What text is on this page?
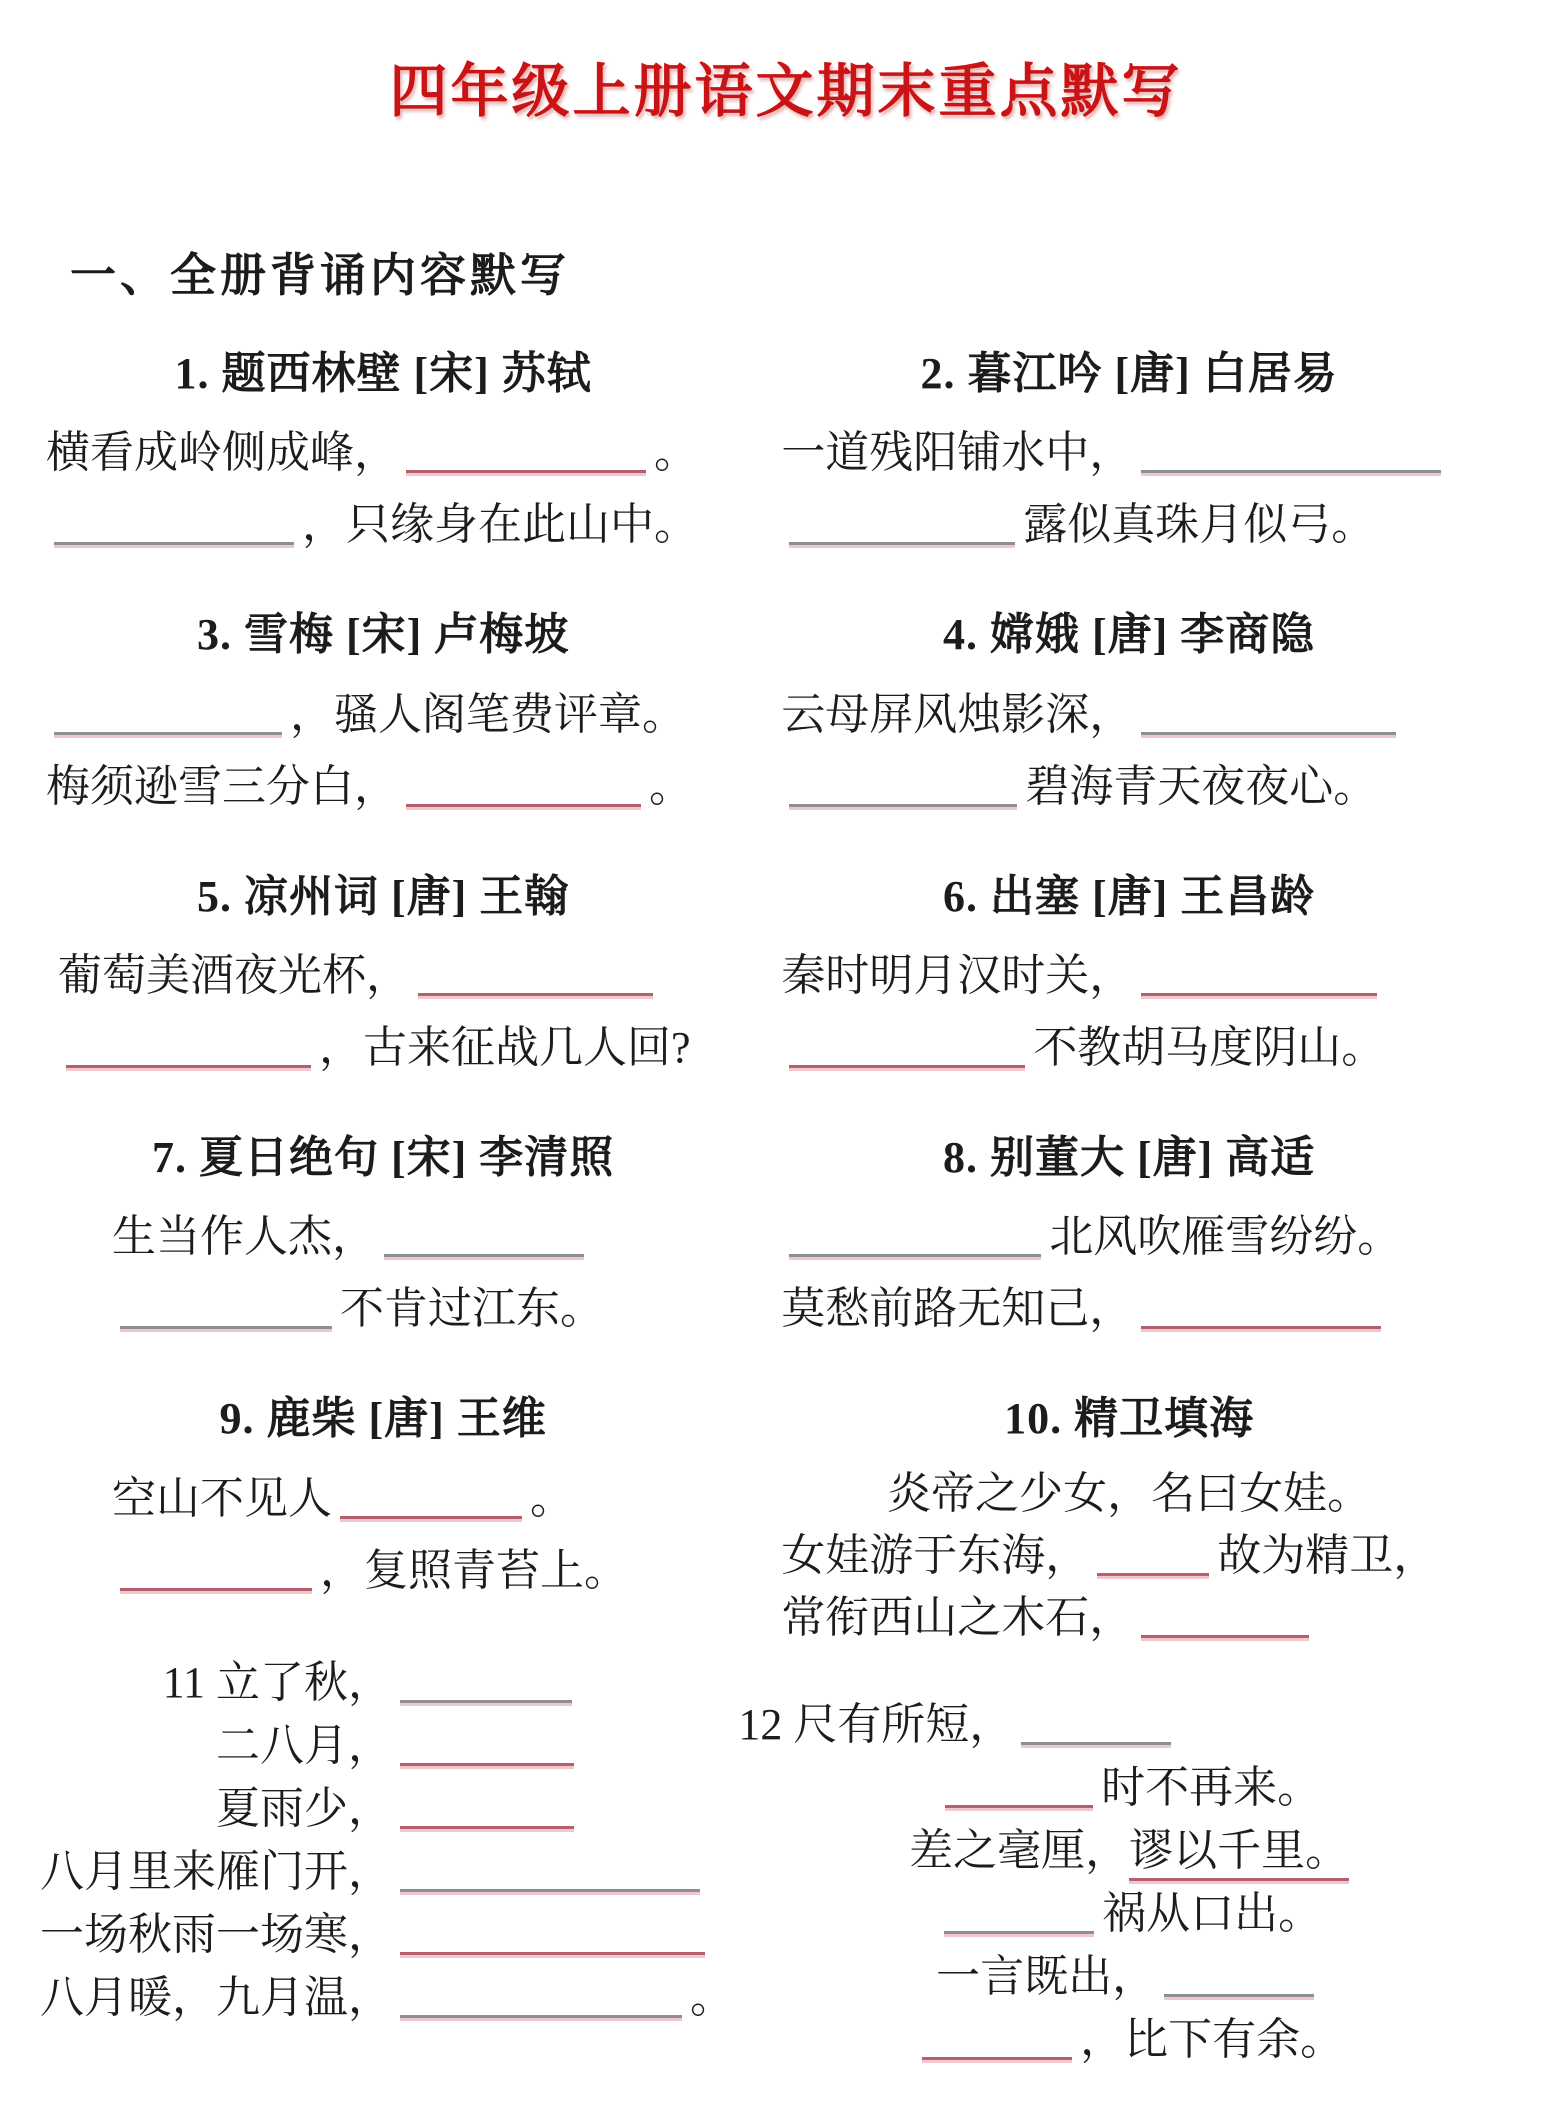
四年级上册语文期末重点默写
一、全册背诵内容默写
1. 题西林壁 [宋] 苏轼
横看成岭侧成峰，	。
，只缘身在此山中。
3. 雪梅 [宋] 卢梅坡
，骚人阁笔费评章。
梅须逊雪三分白，	。
5. 凉州词 [唐] 王翰
葡萄美酒夜光杯，
，古来征战几人回?
7. 夏日绝句 [宋] 李清照
生当作人杰，
不肯过江东。
9. 鹿柴 [唐] 王维
空山不见人	。
，复照青苔上。
11 立了秋，
二八月，
夏雨少，
八月里来雁门开，
一场秋雨一场寒，
八月暖，九月温，	。
2. 暮江吟 [唐] 白居易
一道残阳铺水中，
露似真珠月似弓。
4. 嫦娥 [唐] 李商隐
云母屏风烛影深，
碧海青天夜夜心。
6. 出塞 [唐] 王昌龄
秦时明月汉时关，
不教胡马度阴山。
8. 别董大 [唐] 高适
北风吹雁雪纷纷。
莫愁前路无知己，
10. 精卫填海
炎帝之少女，名曰女娃。
女娃游于东海，	故为精卫，
常衔西山之木石，
12 尺有所短，
时不再来。
差之毫厘，谬以千里。
祸从口出。
一言既出，
，比下有余。
